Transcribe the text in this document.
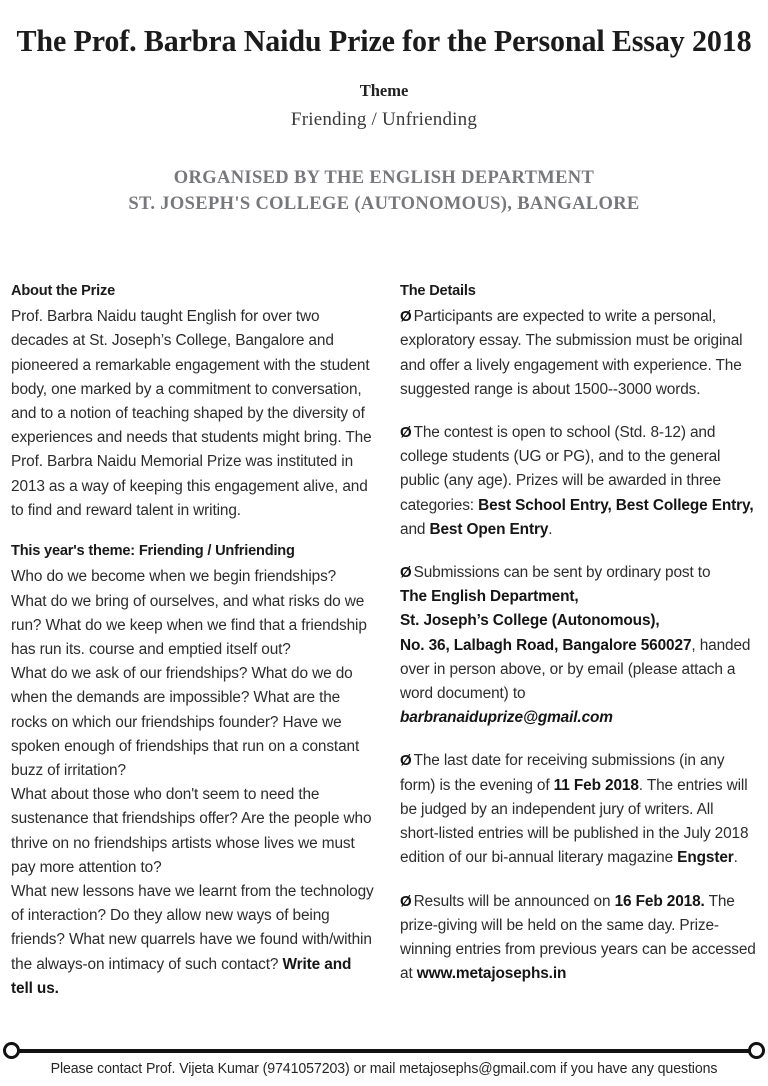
The Prof. Barbra Naidu Prize for the Personal Essay 2018

Theme

Friending / Unfriending

ORGANISED BY THE ENGLISH DEPARTMENT
ST. JOSEPH'S COLLEGE (AUTONOMOUS), BANGALORE
About the Prize

Prof. Barbra Naidu taught English for over two decades at St. Joseph’s College, Bangalore and pioneered a remarkable engagement with the student body, one marked by a commitment to conversation, and to a notion of teaching shaped by the diversity of experiences and needs that students might bring. The Prof. Barbra Naidu Memorial Prize was instituted in 2013 as a way of keeping this engagement alive, and to find and reward talent in writing.

This year's theme: Friending / Unfriending

Who do we become when we begin friendships? What do we bring of ourselves, and what risks do we run? What do we keep when we find that a friendship has run its. course and emptied itself out?

What do we ask of our friendships? What do we do when the demands are impossible? What are the rocks on which our friendships founder? Have we spoken enough of friendships that run on a constant buzz of irritation?

What about those who don't seem to need the sustenance that friendships offer? Are the people who thrive on no friendships artists whose lives we must pay more attention to?

What new lessons have we learnt from the technology of interaction? Do they allow new ways of being friends? What new quarrels have we found with/within the always-on intimacy of such contact? Write and tell us.

The Details
Ø Participants are expected to write a personal, exploratory essay. The submission must be original and offer a lively engagement with experience. The suggested range is about 1500--3000 words.
Ø The contest is open to school (Std. 8-12) and college students (UG or PG), and to the general public (any age). Prizes will be awarded in three categories: Best School Entry, Best College Entry, and Best Open Entry.
Ø Submissions can be sent by ordinary post to
The English Department,
St. Joseph’s College (Autonomous),
No. 36, Lalbagh Road, Bangalore 560027, handed over in person above, or by email (please attach a word document) to
barbranaiduprize@gmail.com
Ø The last date for receiving submissions (in any form) is the evening of 11 Feb 2018. The entries will be judged by an independent jury of writers. All short-listed entries will be published in the July 2018 edition of our bi-annual literary magazine Engster.
Ø Results will be announced on 16 Feb 2018. The prize-giving will be held on the same day. Prize-winning entries from previous years can be accessed at www.metajosephs.in
Please contact Prof. Vijeta Kumar (9741057203) or mail metajosephs@gmail.com if you have any questions
